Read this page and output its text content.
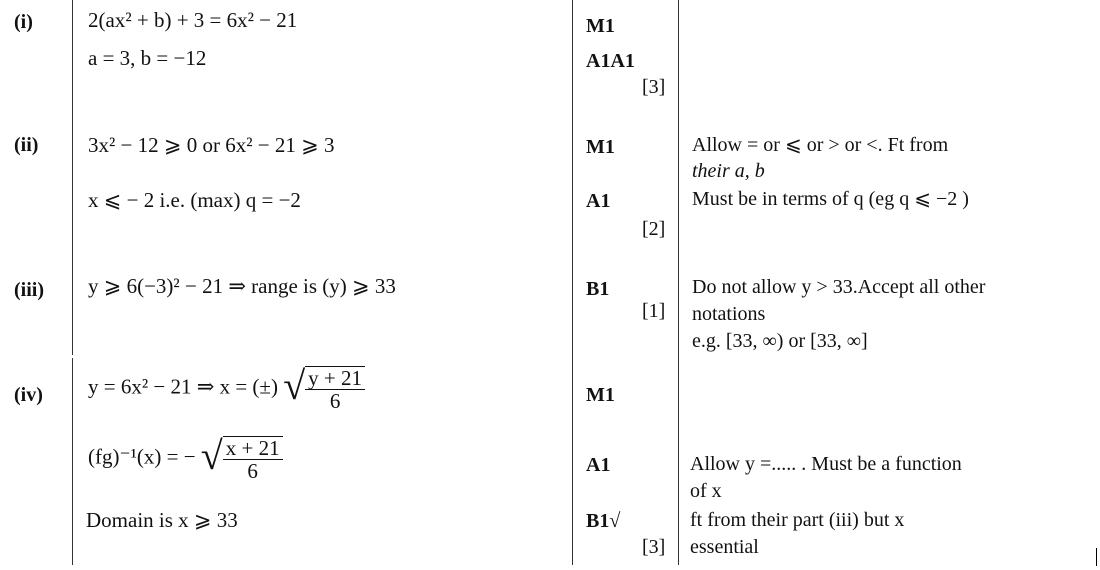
(i)	2(ax² + b) + 3 = 6x² − 21
a = 3, b = −12
M1
A1A1
[3]
(ii) 3x² − 12 ⩾ 0 or 6x² − 21 ⩾ 3
x ⩽ − 2 i.e. (max) q = −2
M1
A1
[2]
Allow = or ⩽ or > or <. Ft from
their a, b
Must be in terms of q (eg q ⩽ −2 )
(iii) y ⩾ 6(−3)² − 21 ⇒ range is (y) ⩾ 33	B1
[1]
Do not allow y > 33.Accept all other
notations
e.g. [33, ∞) or [33, ∞]
(iv) y = 6x² − 21 ⇒ x = (±) √ $\frac{y + 21}{6}$
(fg)⁻¹(x) = − √ $\frac{x + 21}{6}$
Domain is x ⩾ 33
M1
A1
B1√
[3]
Allow y =..... . Must be a function
of x
ft from their part (iii) but x
essential
